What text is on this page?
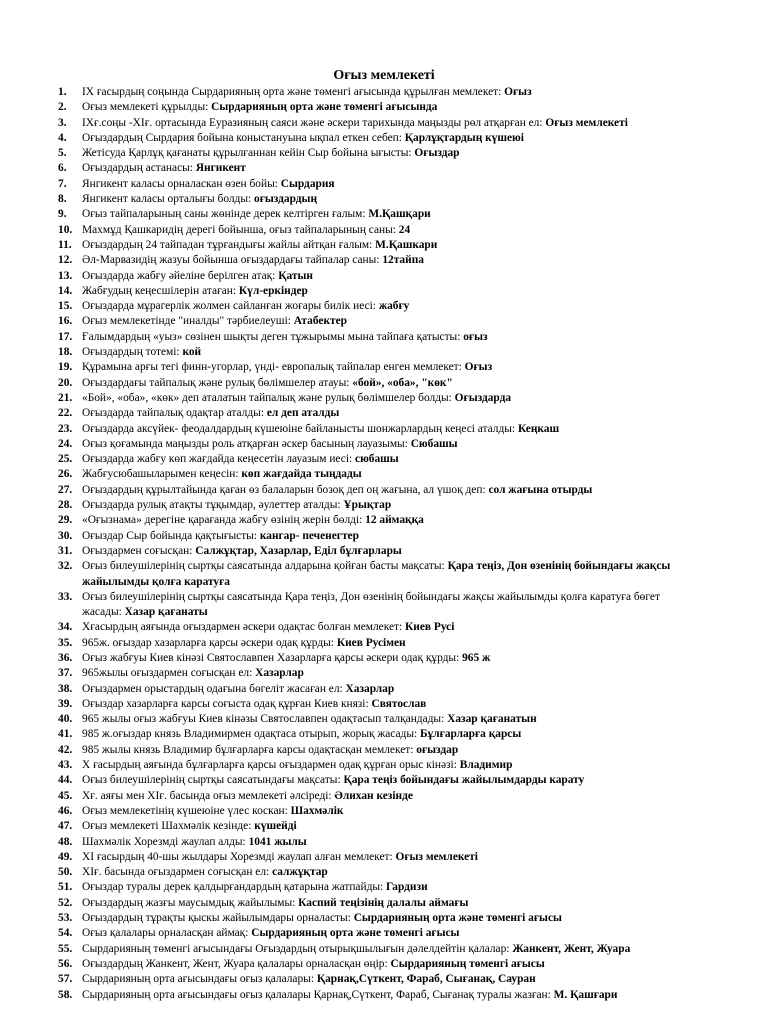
Оғыз мемлекеті
1.	IX ғасырдың соңында Сырдарияның орта және төменгі ағысында құрылған мемлекет: Оғыз
2.	Оғыз мемлекеті құрылды: Сырдарияның орта және төменгі ағысында
3.	IXғ.соңы -XIғ. ортасында Еуразияның саяси және әскери тарихында маңызды рөл атқарған ел: Оғыз мемлекеті
4.	Оғыздардың Сырдария бойына коныстануына ықпал еткен себеп: Қарлұқтардың күшеюі
5.	Жетісуда Қарлұқ қағанаты құрылғаннан кейін Сыр бойына ығысты: Оғыздар
6.	Оғыздардың астанасы: Янгикент
7.	Янгикент каласы орналаскан өзен бойы: Сырдария
8.	Янгикент каласы орталығы болды: оғыздардың
9.	Оғыз тайпаларының саны жөнінде дерек келтірген ғалым: М.Қашқари
10. Махмұд Қашкаридің дерегі бойынша, оғыз тайпаларының саны: 24
11. Оғыздардың 24 тайпадан тұрғандығы жайлы айтқан ғалым: М.Қашкари
12. Әл-Марвазидің жазуы бойынша оғыздардағы тайпалар саны: 12тайпа
13. Оғыздарда жабғу әйеліне берілген атақ: Қатын
14. Жабғудың кеңесшілерін атаған: Күл-еркіндер
15. Оғыздарда мұрагерлік жолмен сайланған жоғары билік иесі: жабғу
16. Оғыз мемлекетінде "иналды" тәрбиелеуші: Атабектер
17. Ғалымдардың «уыз» сөзінен шықты деген тұжырымы мына тайпаға қатысты: оғыз
18. Оғыздардың тотемі: кой
19. Құрамына арғы тегі финн-угорлар, үнді- европалық тайпалар енген мемлекет: Оғыз
20. Оғыздардағы тайпалық және рулық бөлімшелер атауы: «бой», «оба», "көк"
21. «Бой», «оба», «көк» деп аталатын тайпалық және рулық бөлімшелер болды: Оғыздарда
22. Оғыздарда тайпалық одақтар аталды: ел деп аталды
23. Оғыздарда аксүйек- феодалдардың күшеюіне байланысты шонжарлардың кеңесі аталды: Кеңкаш
24. Оғыз қоғамында маңызды роль атқарған әскер басының лауазымы: Сюбашы
25. Оғыздарда жабғу көп жағдайда кеңесетін лауазым иесі: сюбашы
26. Жабғусюбашыларымен кеңесін: көп жағдайда тыңдады
27. Оғыздардың құрылтайында қаған өз балаларын бозоқ деп оң жағына, ал үшоқ деп: сол жағына отырды
28. Оғыздарда рулық атақты тұқымдар, әулеттер аталды: Ұрықтар
29. «Оғызнама» дерегіне қарағанда жабғу өзінің жерін бөлді: 12 аймаққа
30. Оғыздар Сыр бойында қақтығысты: кангар- печенегтер
31. Оғыздармен соғысқан: Салжұқтар, Хазарлар, Еділ бұлғарлары
32. Оғыз билеушілерінің сыртқы саясатында алдарына қойған басты мақсаты: Қара теңіз, Дон өзенінің бойындағы жақсы жайылымды қолға каратуға
33. Оғыз билеушілерінің сыртқы саясатында Қара теңіз, Дон өзенінің бойындағы жақсы жайылымды қолға каратуға бөгет жасады: Хазар қағанаты
34. Хғасырдың аяғында оғыздармен әскери одақтас болған мемлекет: Киев Русі
35. 965ж. оғыздар хазарларға қарсы әскери одақ құрды: Киев Русімен
36. Оғыз жабғуы Киев кінәзі Святославпен Хазарларға қарсы әскери одақ құрды: 965 ж
37. 965жылы оғыздармен соғысқан ел: Хазарлар
38. Оғыздармен орыстардың одағына бөгеліт жасаған ел: Хазарлар
39. Оғыздар хазарларға карсы соғыста одақ құрған Киев князі: Святослав
40. 965 жылы оғыз жабғуы Киев кінәзы Святославпен одақтасып талқандады: Хазар қағанатын
41. 985 ж.оғыздар князь Владимирмен одақтаса отырып, жорық жасады: Бұлғарларға қарсы
42. 985 жылы князь Владимир бұлғарларға карсы одақтасқан мемлекет: оғыздар
43. X ғасырдың аяғында бұлғарларға қарсы оғыздармен одақ құрған орыс кінәзі: Владимир
44. Оғыз билеушілерінің сыртқы саясатындағы мақсаты: Қара теңіз бойындағы жайылымдарды карату
45. Хғ. аяғы мен XIғ. басында оғыз мемлекеті әлсіреді: Әлихан кезінде
46. Оғыз мемлекетінің күшеюіне үлес коскан: Шахмәлік
47. Оғыз мемлекеті Шахмәлік кезінде: күшейді
48. Шахмәлік Хорезмді жаулап алды: 1041 жылы
49. XI ғасырдың 40-шы жылдары Хорезмді жаулап алған мемлекет: Оғыз мемлекеті
50. XIғ. басында оғыздармен соғысқан ел: салжұқтар
51. Оғыздар туралы дерек қалдырғандардың қатарына жатпайды: Гардизи
52. Оғыздардың жазғы маусымдық жайылымы: Каспий теңізінің далалы аймағы
53. Оғыздардың тұрақты қыскы жайылымдары орналасты: Сырдарияның орта және төменгі ағысы
54. Оғыз қалалары орналасқан аймақ: Сырдарияның орта және төменгі ағысы
55. Сырдарияның төменгі ағысындағы Оғыздардың отырықшылығын дәлелдейтін қалалар: Жанкент, Жент, Жуара
56. Оғыздардың Жанкент, Жент, Жуара қалалары орналасқан өңір: Сырдарияның төменгі ағысы
57. Сырдарияның орта ағысындағы оғыз қалалары: Қарнақ,Сүткент, Фараб, Сығанақ, Сауран
58. Сырдарияның орта ағысындағы оғыз қалалары Қарнақ,Сүткент, Фараб, Сығанақ туралы жазған: М. Қашғари
